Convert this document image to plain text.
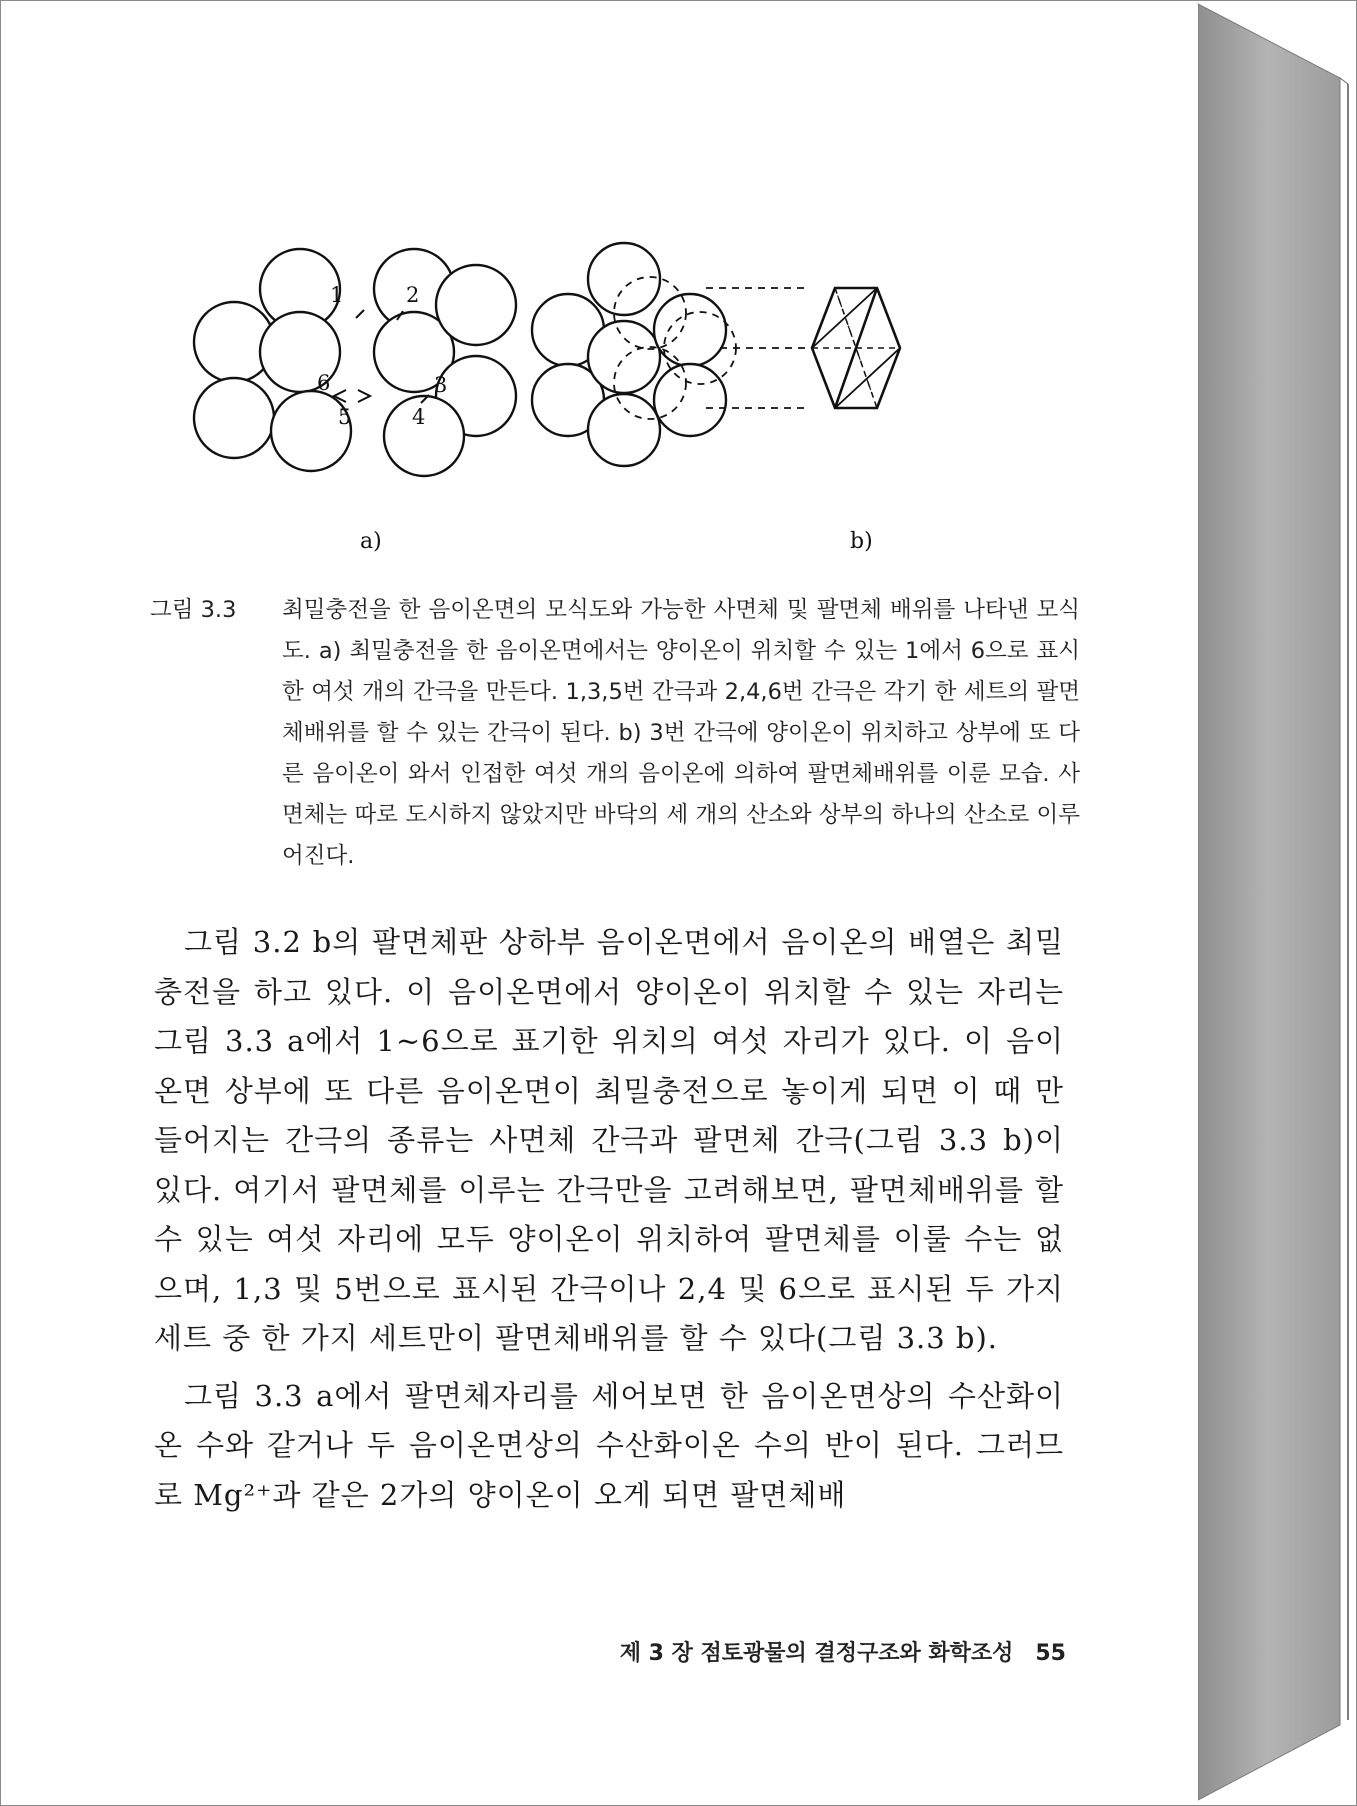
1	2
3
4
5
6
a)	b)
그림 3.3	최밀충전을 한 음이온면의 모식도와 가능한 사면체 및 팔면체 배위를 나타낸 모식도. a) 최밀충전을 한 음이온면에서는 양이온이 위치할 수 있는 1에서 6으로 표시한 여섯 개의 간극을 만든다. 1,3,5번 간극과 2,4,6번 간극은 각기 한 세트의 팔면체배위를 할 수 있는 간극이 된다. b) 3번 간극에 양이온이 위치하고 상부에 또 다른 음이온이 와서 인접한 여섯 개의 음이온에 의하여 팔면체배위를 이룬 모습. 사면체는 따로 도시하지 않았지만 바닥의 세 개의 산소와 상부의 하나의 산소로 이루어진다.

그림 3.2 b의 팔면체판 상하부 음이온면에서 음이온의 배열은 최밀충전을 하고 있다. 이 음이온면에서 양이온이 위치할 수 있는 자리는 그림 3.3 a에서 1~6으로 표기한 위치의 여섯 자리가 있다. 이 음이온면 상부에 또 다른 음이온면이 최밀충전으로 놓이게 되면 이 때 만들어지는 간극의 종류는 사면체 간극과 팔면체 간극(그림 3.3 b)이 있다. 여기서 팔면체를 이루는 간극만을 고려해보면, 팔면체배위를 할 수 있는 여섯 자리에 모두 양이온이 위치하여 팔면체를 이룰 수는 없으며, 1,3 및 5번으로 표시된 간극이나 2,4 및 6으로 표시된 두 가지 세트 중 한 가지 세트만이 팔면체배위를 할 수 있다(그림 3.3 b).

그림 3.3 a에서 팔면체자리를 세어보면 한 음이온면상의 수산화이온 수와 같거나 두 음이온면상의 수산화이온 수의 반이 된다. 그러므로 Mg²⁺과 같은 2가의 양이온이 오게 되면 팔면체배

제 3 장 점토광물의 결정구조와 화학조성 55
